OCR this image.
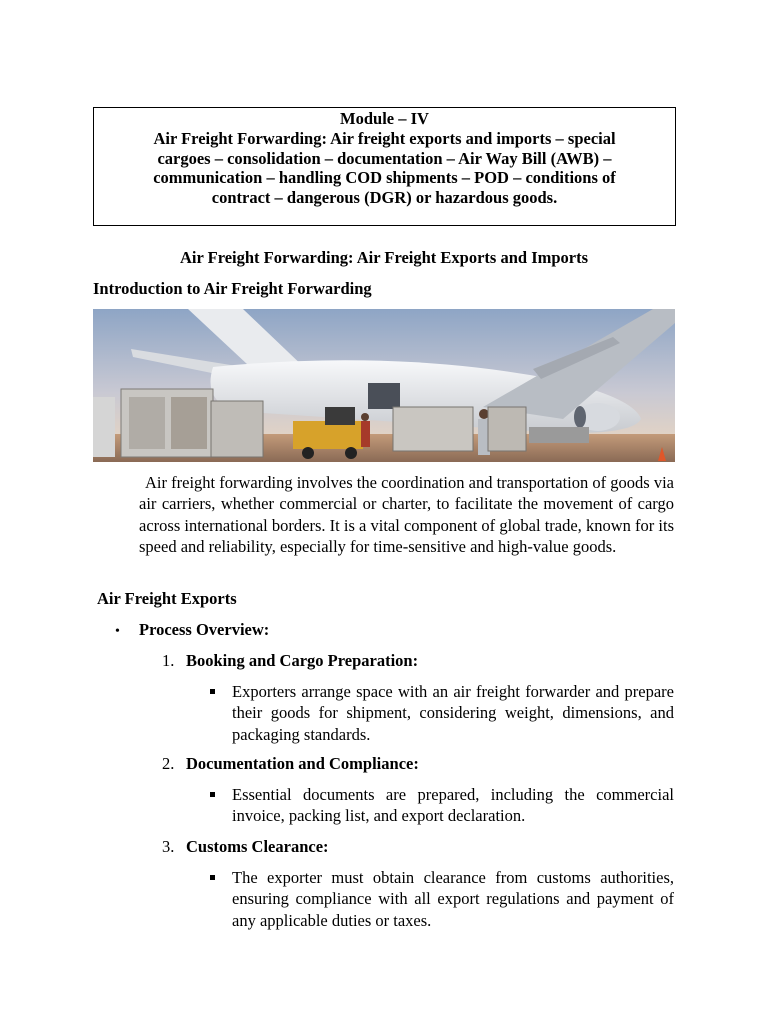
Module – IV
Air Freight Forwarding: Air freight exports and imports – special
cargoes – consolidation – documentation – Air Way Bill (AWB) –
communication – handling COD shipments – POD – conditions of
contract – dangerous (DGR) or hazardous goods.
Air Freight Forwarding: Air Freight Exports and Imports
Introduction to Air Freight Forwarding
Air freight forwarding involves the coordination and transportation of goods via air carriers, whether commercial or charter, to facilitate the movement of cargo across international borders. It is a vital component of global trade, known for its speed and reliability, especially for time-sensitive and high-value goods.
Air Freight Exports
• Process Overview:
1. Booking and Cargo Preparation:
Exporters arrange space with an air freight forwarder and prepare their goods for shipment, considering weight, dimensions, and packaging standards.
2. Documentation and Compliance:
Essential documents are prepared, including the commercial invoice, packing list, and export declaration.
3. Customs Clearance:
The exporter must obtain clearance from customs authorities, ensuring compliance with all export regulations and payment of any applicable duties or taxes.
